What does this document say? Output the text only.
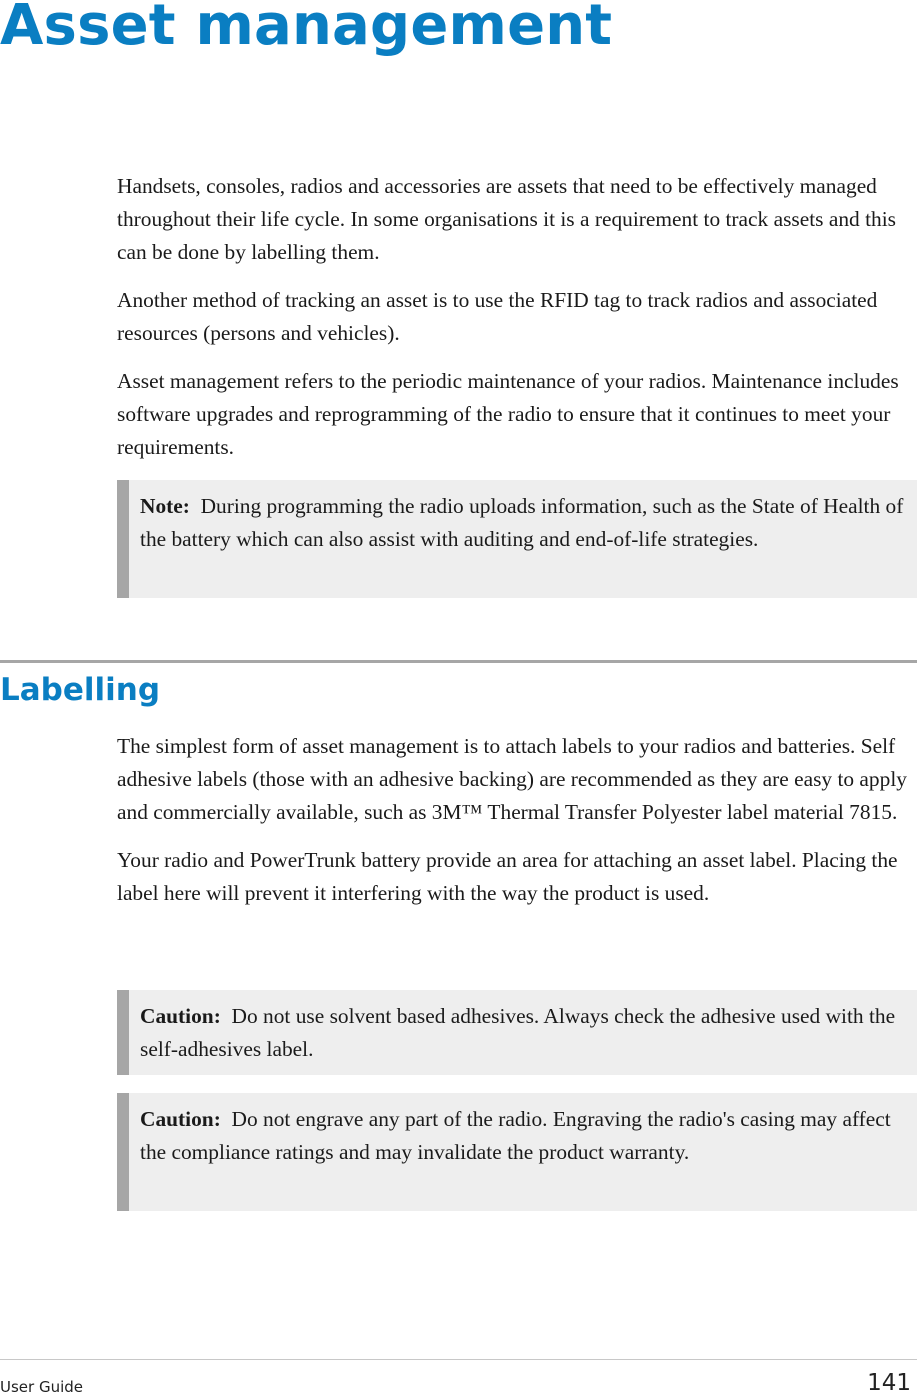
Asset management

Handsets, consoles, radios and accessories are assets that need to be effectively managed throughout their life cycle. In some organisations it is a requirement to track assets and this can be done by labelling them.

Another method of tracking an asset is to use the RFID tag to track radios and associated resources (persons and vehicles).

Asset management refers to the periodic maintenance of your radios. Maintenance includes software upgrades and reprogramming of the radio to ensure that it continues to meet your requirements.

Note: During programming the radio uploads information, such as the State of Health of the battery which can also assist with auditing and end-of-life strategies.
Labelling

The simplest form of asset management is to attach labels to your radios and batteries. Self adhesive labels (those with an adhesive backing) are recommended as they are easy to apply and commercially available, such as 3M™ Thermal Transfer Polyester label material 7815.

Your radio and PowerTrunk battery provide an area for attaching an asset label. Placing the label here will prevent it interfering with the way the product is used.

Caution: Do not use solvent based adhesives. Always check the adhesive used with the self-adhesives label.
Caution: Do not engrave any part of the radio. Engraving the radio's casing may affect the compliance ratings and may invalidate the product warranty.
User Guide	141
